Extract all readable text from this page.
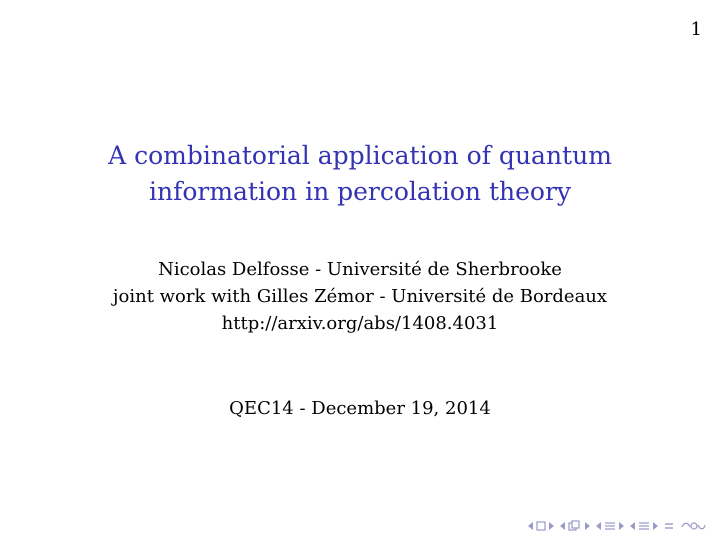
1
A combinatorial application of quantum
information in percolation theory
Nicolas Delfosse - Université de Sherbrooke
joint work with Gilles Zémor - Université de Bordeaux
http://arxiv.org/abs/1408.4031
QEC14 - December 19, 2014
